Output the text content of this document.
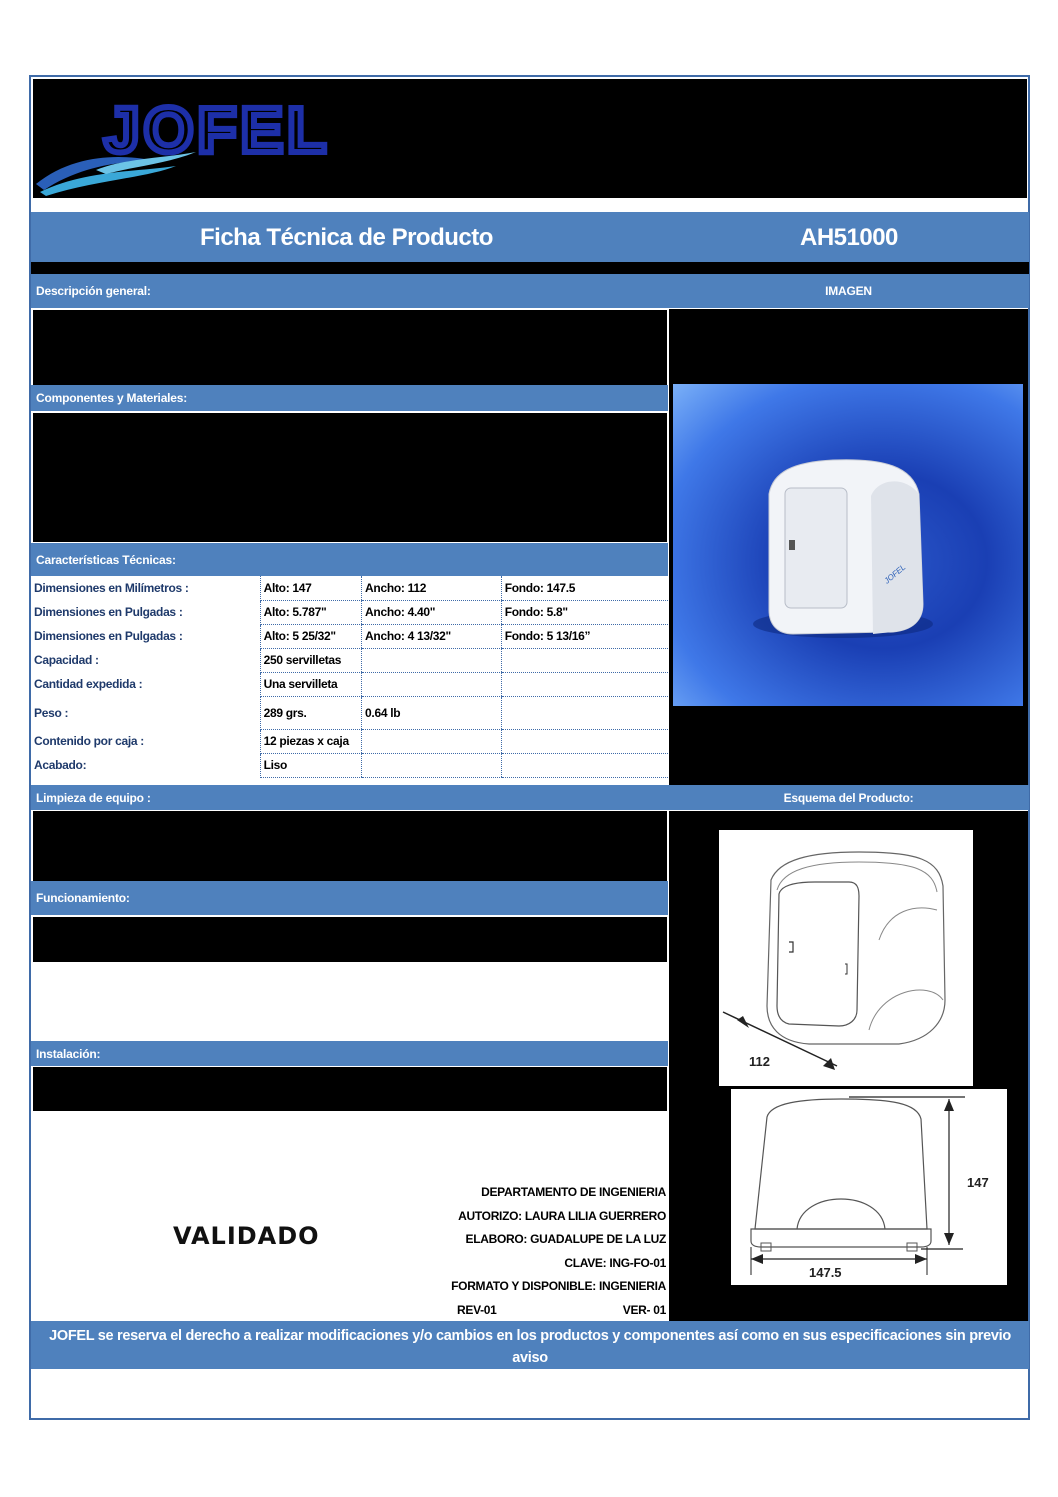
JOFEL
Ficha Técnica de Producto	AH51000
Descripción general:	IMAGEN
JOFEL
Componentes y Materiales:
Características Técnicas:
Dimensiones en Milímetros :	Alto: 147	Ancho: 112	Fondo: 147.5
Dimensiones en Pulgadas :	Alto: 5.787"	Ancho: 4.40"	Fondo: 5.8"
Dimensiones en Pulgadas :	Alto: 5 25/32"	Ancho: 4 13/32"	Fondo: 5 13/16”
Capacidad :	250 servilletas		
Cantidad expedida :	Una servilleta		
Peso :	289 grs.	0.64 lb	
Contenido por caja :	12 piezas x caja		
Acabado:	Liso		
Limpieza de equipo :	Esquema del Producto:
112
147
147.5
Funcionamiento:
Instalación:
VALIDADO
DEPARTAMENTO DE INGENIERIA
AUTORIZO: LAURA LILIA GUERRERO
ELABORO: GUADALUPE DE LA LUZ
CLAVE: ING-FO-01
FORMATO Y DISPONIBLE: INGENIERIA
REV-01	VER- 01
JOFEL se reserva el derecho a realizar modificaciones y/o cambios en los productos y componentes así como en sus especificaciones sin previo aviso
